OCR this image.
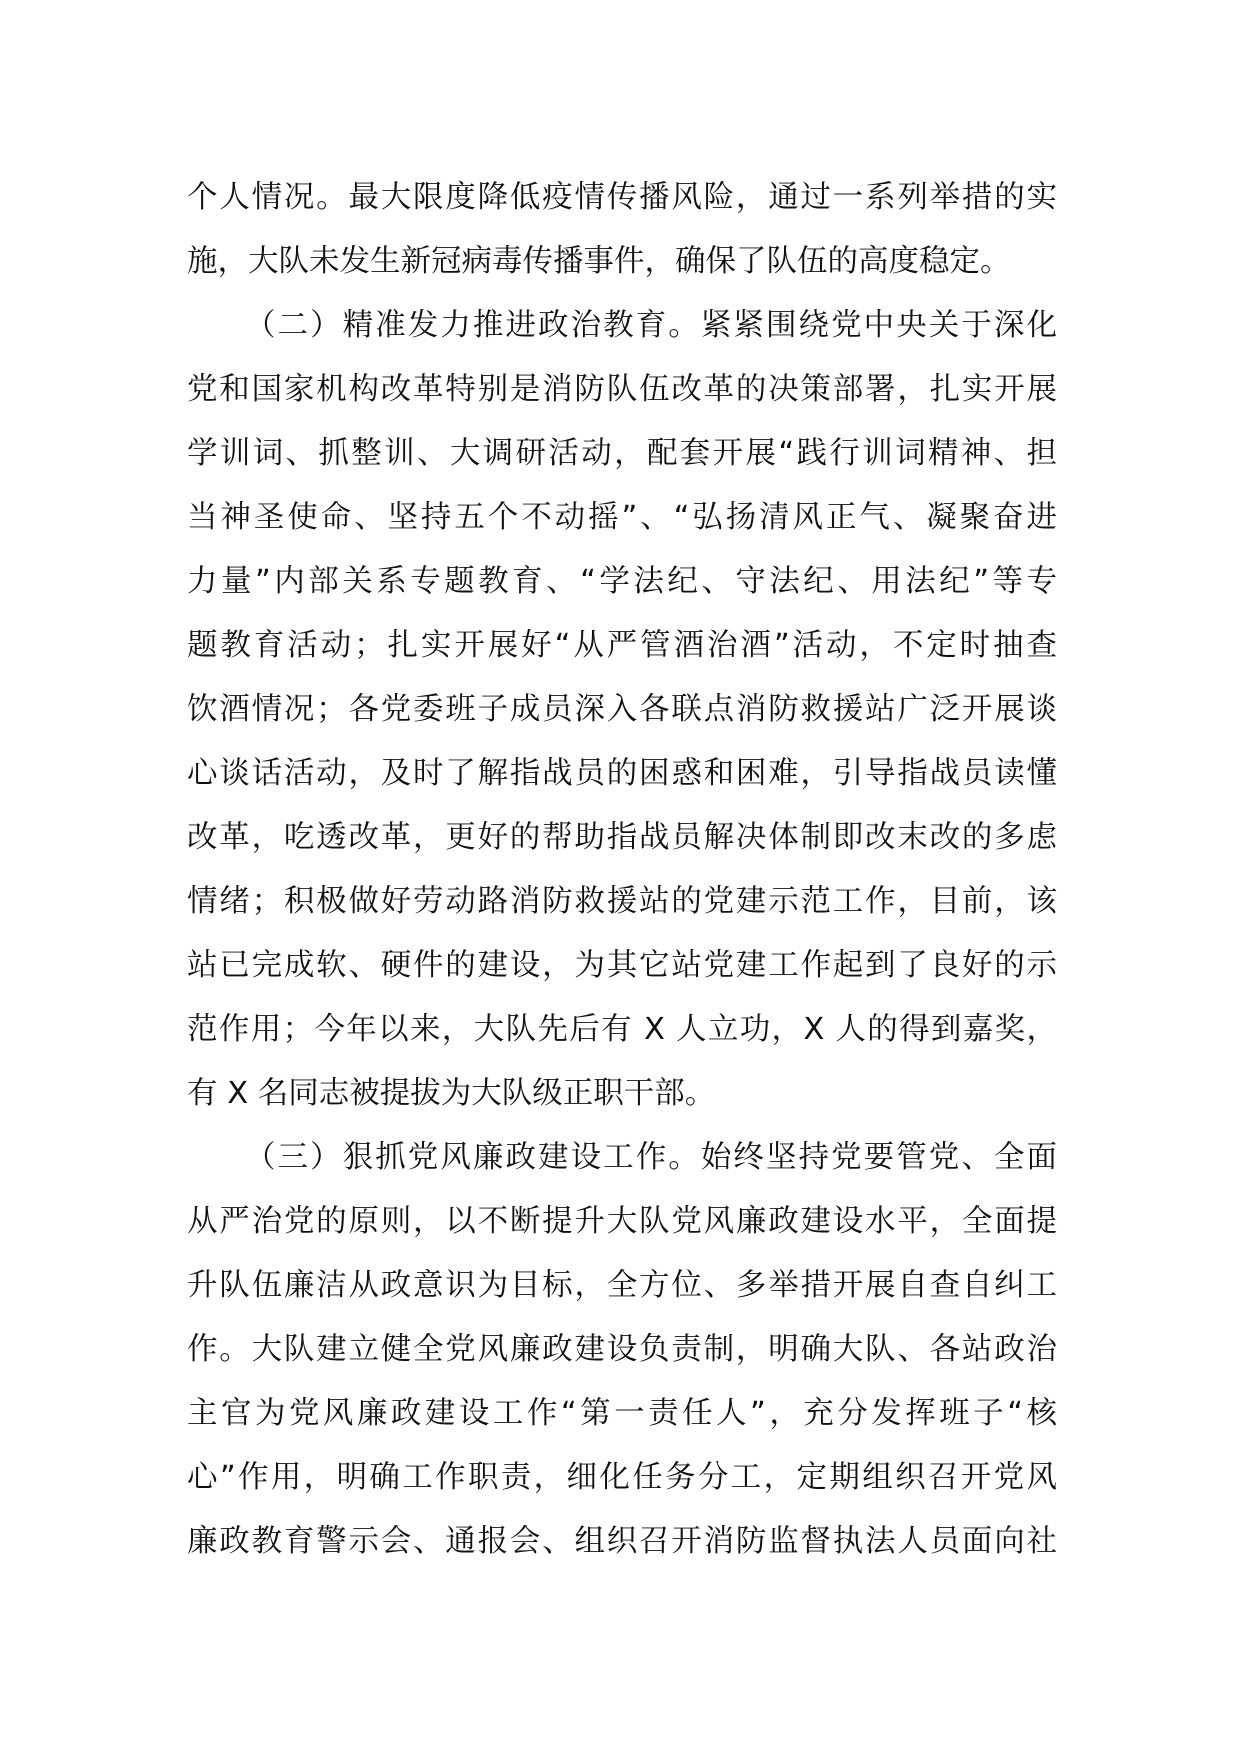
个人情况。最大限度降低疫情传播风险，通过一系列举措的实
施，大队未发生新冠病毒传播事件，确保了队伍的高度稳定。
（二）精准发力推进政治教育。紧紧围绕党中央关于深化
党和国家机构改革特别是消防队伍改革的决策部署，扎实开展
学训词、抓整训、大调研活动，配套开展“践行训词精神、担
当神圣使命、坚持五个不动摇”、“弘扬清风正气、凝聚奋进
力量”内部关系专题教育、“学法纪、守法纪、用法纪”等专
题教育活动；扎实开展好“从严管酒治酒”活动，不定时抽查
饮酒情况；各党委班子成员深入各联点消防救援站广泛开展谈
心谈话活动，及时了解指战员的困惑和困难，引导指战员读懂
改革，吃透改革，更好的帮助指战员解决体制即改末改的多虑
情绪；积极做好劳动路消防救援站的党建示范工作，目前，该
站已完成软、硬件的建设，为其它站党建工作起到了良好的示
范作用；今年以来，大队先后有 X 人立功，X 人的得到嘉奖，
有 X 名同志被提拔为大队级正职干部。
（三）狠抓党风廉政建设工作。始终坚持党要管党、全面
从严治党的原则，以不断提升大队党风廉政建设水平，全面提
升队伍廉洁从政意识为目标，全方位、多举措开展自查自纠工
作。大队建立健全党风廉政建设负责制，明确大队、各站政治
主官为党风廉政建设工作“第一责任人”，充分发挥班子“核
心”作用，明确工作职责，细化任务分工，定期组织召开党风
廉政教育警示会、通报会、组织召开消防监督执法人员面向社
